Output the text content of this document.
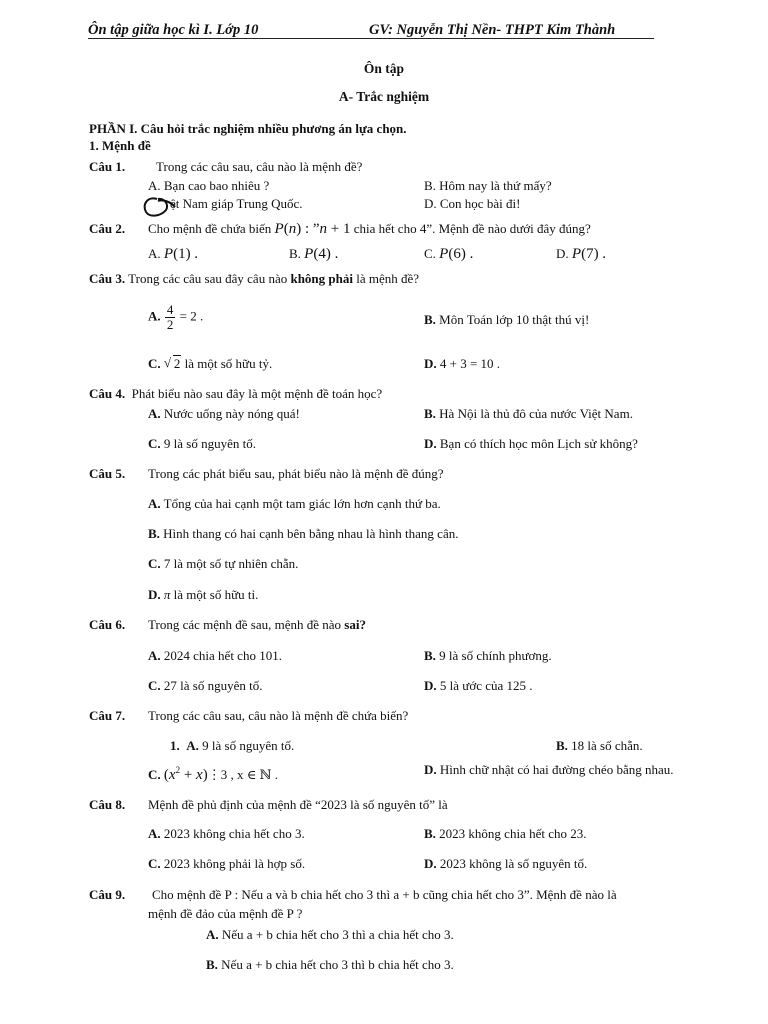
Ôn tập giữa học kì I. Lớp 10	GV: Nguyễn Thị Nền- THPT Kim Thành
Ôn tập
A- Trắc nghiệm
PHẦN I. Câu hỏi trắc nghiệm nhiều phương án lựa chọn.
1. Mệnh đề
Câu 1. Trong các câu sau, câu nào là mệnh đề?
A. Bạn cao bao nhiêu ?	B. Hôm nay là thứ mấy?
ệt Nam giáp Trung Quốc.	D. Con học bài đi!
Câu 2. Cho mệnh đề chứa biến P(n) : ”n + 1 chia hết cho 4”. Mệnh đề nào dưới đây đúng?
A. P(1) .	B. P(4) .	C. P(6) .	D. P(7) .
Câu 3. Trong các câu sau đây câu nào không phải là mệnh đề?
A. $\frac{4}{2} = 2$ .	B. Môn Toán lớp 10 thật thú vị!
C. √ 2 là một số hữu tỷ.	D. 4 + 3 = 10 .
Câu 4. Phát biểu nào sau đây là một mệnh đề toán học?
A. Nước uống này nóng quá!	B. Hà Nội là thủ đô của nước Việt Nam.
C. 9 là số nguyên tố.	D. Bạn có thích học môn Lịch sử không?
Câu 5. Trong các phát biểu sau, phát biểu nào là mệnh đề đúng?
A. Tổng của hai cạnh một tam giác lớn hơn cạnh thứ ba.
B. Hình thang có hai cạnh bên bằng nhau là hình thang cân.
C. 7 là một số tự nhiên chẵn.
D. π là một số hữu tỉ.
Câu 6. Trong các mệnh đề sau, mệnh đề nào sai?
A. 2024 chia hết cho 101.	B. 9 là số chính phương.
C. 27 là số nguyên tố.	D. 5 là ước của 125 .
Câu 7. Trong các câu sau, câu nào là mệnh đề chứa biến?
1. A. 9 là số nguyên tố.	B. 18 là số chẵn.
C. ($x^2$ + x)⋮3 , x ∈ ℕ .	D. Hình chữ nhật có hai đường chéo bằng nhau.
Câu 8. Mệnh đề phủ định của mệnh đề “2023 là số nguyên tố” là
A. 2023 không chia hết cho 3.	B. 2023 không chia hết cho 23.
C. 2023 không phải là hợp số.	D. 2023 không là số nguyên tố.
Câu 9. Cho mệnh đề P : Nếu a và b chia hết cho 3 thì a + b cũng chia hết cho 3”. Mệnh đề nào là
mệnh đề đảo của mệnh đề P ?
A. Nếu a + b chia hết cho 3 thì a chia hết cho 3.
B. Nếu a + b chia hết cho 3 thì b chia hết cho 3.
